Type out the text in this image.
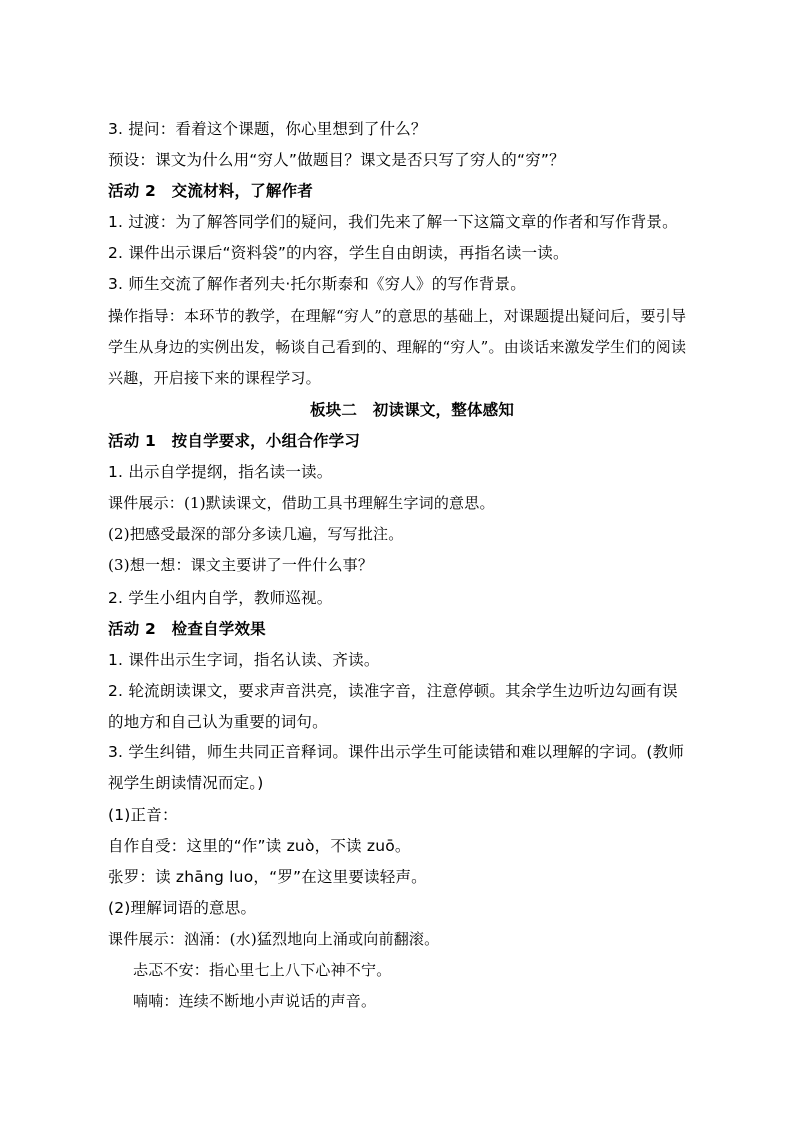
3. 提问：看着这个课题，你心里想到了什么？
预设：课文为什么用“穷人”做题目？课文是否只写了穷人的“穷”？
活动 2　交流材料，了解作者
1. 过渡：为了解答同学们的疑问，我们先来了解一下这篇文章的作者和写作背景。
2. 课件出示课后“资料袋”的内容，学生自由朗读，再指名读一读。
3. 师生交流了解作者列夫·托尔斯泰和《穷人》的写作背景。
操作指导：本环节的教学，在理解“穷人”的意思的基础上，对课题提出疑问后，要引导学生从身边的实例出发，畅谈自己看到的、理解的“穷人”。由谈话来激发学生们的阅读兴趣，开启接下来的课程学习。
板块二　初读课文，整体感知
活动 1　按自学要求，小组合作学习
1. 出示自学提纲，指名读一读。
课件展示：(1)默读课文，借助工具书理解生字词的意思。
(2)把感受最深的部分多读几遍，写写批注。
(3)想一想：课文主要讲了一件什么事？
2. 学生小组内自学，教师巡视。
活动 2　检查自学效果
1. 课件出示生字词，指名认读、齐读。
2. 轮流朗读课文，要求声音洪亮，读准字音，注意停顿。其余学生边听边勾画有误的地方和自己认为重要的词句。
3. 学生纠错，师生共同正音释词。课件出示学生可能读错和难以理解的字词。(教师视学生朗读情况而定。)
(1)正音：
自作自受：这里的“作”读 zuò，不读 zuō。
张罗：读 zhāng luo，“罗”在这里要读轻声。
(2)理解词语的意思。
课件展示：汹涌：(水)猛烈地向上涌或向前翻滚。
忐忑不安：指心里七上八下心神不宁。
喃喃：连续不断地小声说话的声音。
